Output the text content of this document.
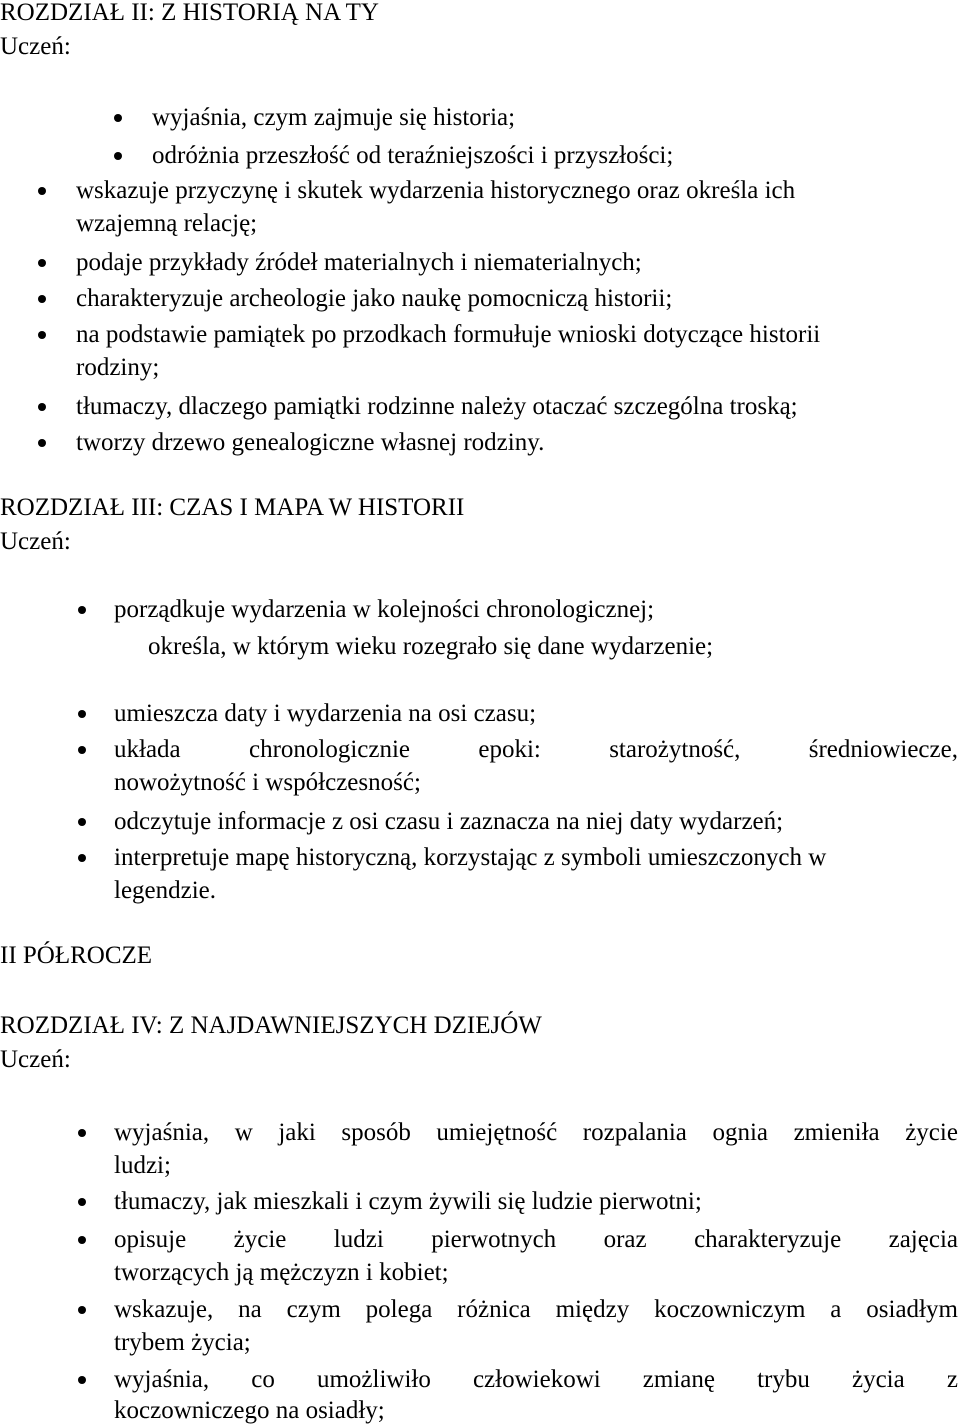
ROZDZIAŁ II: Z HISTORIĄ NA TY
Uczeń:
wyjaśnia, czym zajmuje się historia;
odróżnia przeszłość od teraźniejszości i przyszłości;
wskazuje przyczynę i skutek wydarzenia historycznego oraz określa ich
wzajemną relację;
podaje przykłady źródeł materialnych i niematerialnych;
charakteryzuje archeologie jako naukę pomocniczą historii;
na podstawie pamiątek po przodkach formułuje wnioski dotyczące historii
rodziny;
tłumaczy, dlaczego pamiątki rodzinne należy otaczać szczególna troską;
tworzy drzewo genealogiczne własnej rodziny.
ROZDZIAŁ III: CZAS I MAPA W HISTORII
Uczeń:
porządkuje wydarzenia w kolejności chronologicznej;
określa, w którym wieku rozegrało się dane wydarzenie;
umieszcza daty i wydarzenia na osi czasu;
układa	chronologicznie	epoki:	starożytność,	średniowiecze,
nowożytność i współczesność;
odczytuje informacje z osi czasu i zaznacza na niej daty wydarzeń;
interpretuje mapę historyczną, korzystając z symboli umieszczonych w
legendzie.
II PÓŁROCZE
ROZDZIAŁ IV: Z NAJDAWNIEJSZYCH DZIEJÓW
Uczeń:
wyjaśnia, w jaki sposób umiejętność rozpalania ognia zmieniła życie
ludzi;
tłumaczy, jak mieszkali i czym żywili się ludzie pierwotni;
opisuje życie ludzi pierwotnych oraz charakteryzuje zajęcia
tworzących ją mężczyzn i kobiet;
wskazuje, na czym polega różnica między koczowniczym a osiadłym
trybem życia;
wyjaśnia, co umożliwiło człowiekowi zmianę trybu życia z
koczowniczego na osiadły;
